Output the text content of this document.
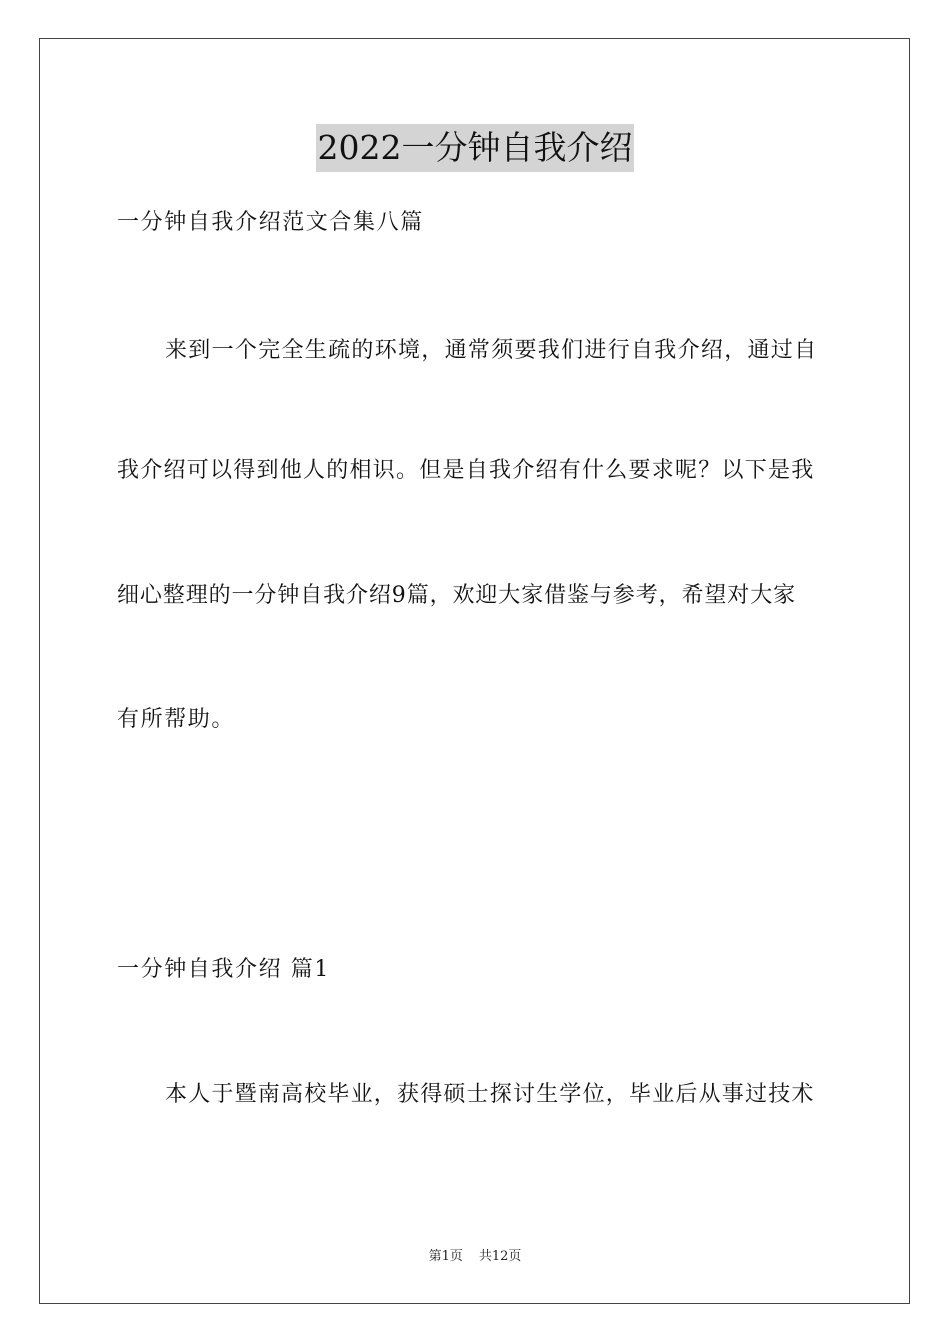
2022一分钟自我介绍
一分钟自我介绍范文合集八篇
来到一个完全生疏的环境，通常须要我们进行自我介绍，通过自
我介绍可以得到他人的相识。但是自我介绍有什么要求呢？以下是我
细心整理的一分钟自我介绍9篇，欢迎大家借鉴与参考，希望对大家
有所帮助。
一分钟自我介绍 篇1
本人于暨南高校毕业，获得硕士探讨生学位，毕业后从事过技术
第1页 共12页
